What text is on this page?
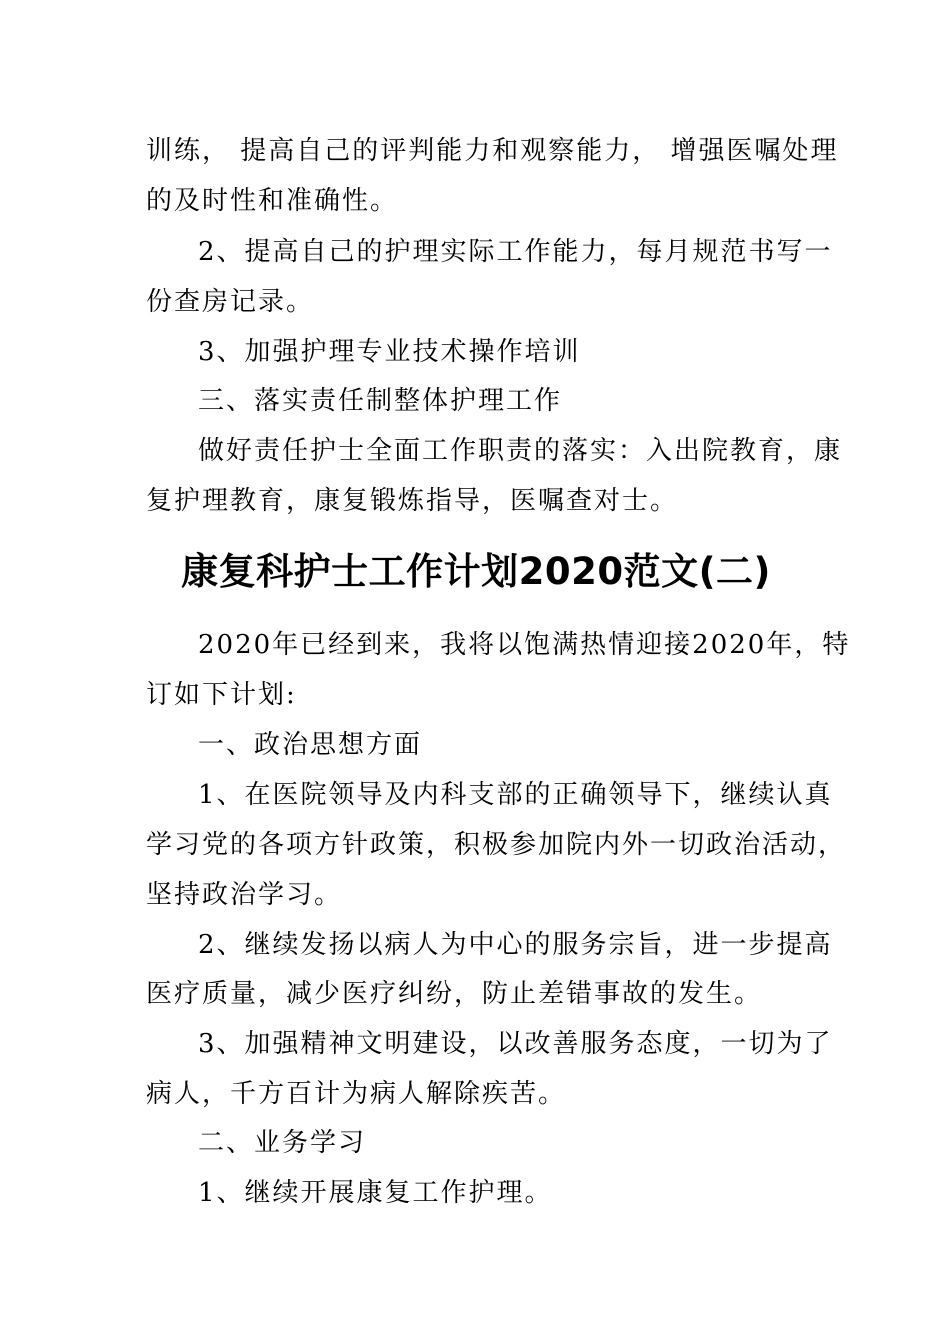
训练， 提高自己的评判能力和观察能力， 增强医嘱处理
的及时性和准确性。
2、提高自己的护理实际工作能力，每月规范书写一
份查房记录。
3、加强护理专业技术操作培训
三、落实责任制整体护理工作
做好责任护士全面工作职责的落实：入出院教育，康
复护理教育，康复锻炼指导，医嘱查对士。
康复科护士工作计划2020范文(二)
2020年已经到来，我将以饱满热情迎接2020年，特
订如下计划:
一、政治思想方面
1、在医院领导及内科支部的正确领导下，继续认真
学习党的各项方针政策，积极参加院内外一切政治活动，
坚持政治学习。
2、继续发扬以病人为中心的服务宗旨，进一步提高
医疗质量，减少医疗纠纷，防止差错事故的发生。
3、加强精神文明建设，以改善服务态度，一切为了
病人，千方百计为病人解除疾苦。
二、业务学习
1、继续开展康复工作护理。
